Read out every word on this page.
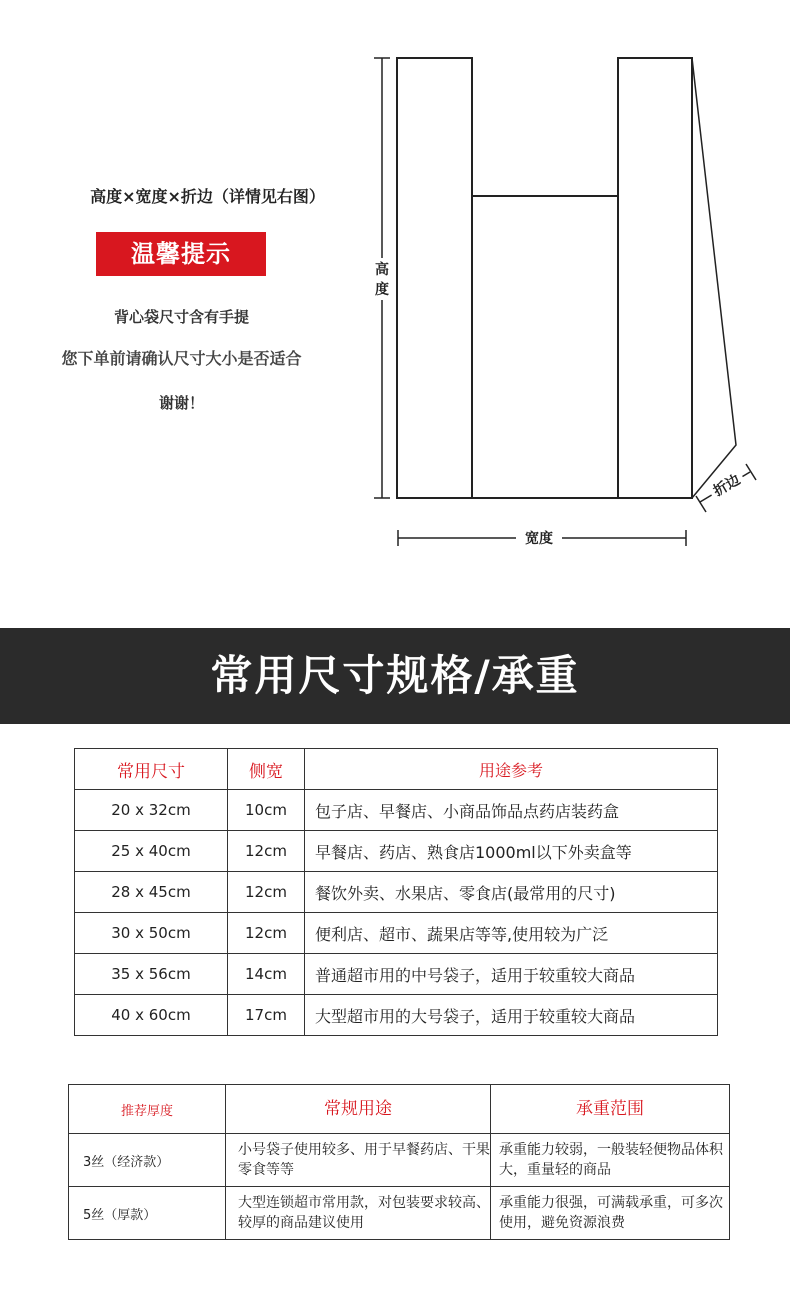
高度×宽度×折边（详情见右图）
温馨提示
背心袋尺寸含有手提
您下单前请确认尺寸大小是否适合
谢谢！
高
度
宽度
折边
常用尺寸规格/承重
常用尺寸	侧宽	用途参考
20 x 32cm	10cm	包子店、早餐店、小商品饰品点药店装药盒
25 x 40cm	12cm	早餐店、药店、熟食店1000ml以下外卖盒等
28 x 45cm	12cm	餐饮外卖、水果店、零食店(最常用的尺寸)
30 x 50cm	12cm	便利店、超市、蔬果店等等,使用较为广泛
35 x 56cm	14cm	普通超市用的中号袋子，适用于较重较大商品
40 x 60cm	17cm	大型超市用的大号袋子，适用于较重较大商品
推荐厚度	常规用途	承重范围
3丝（经济款）	小号袋子使用较多、用于早餐药店、干果零食等等	承重能力较弱，一般装轻便物品体积大，重量轻的商品
5丝（厚款）	大型连锁超市常用款，对包装要求较高、较厚的商品建议使用	承重能力很强，可满载承重，可多次使用，避免资源浪费
